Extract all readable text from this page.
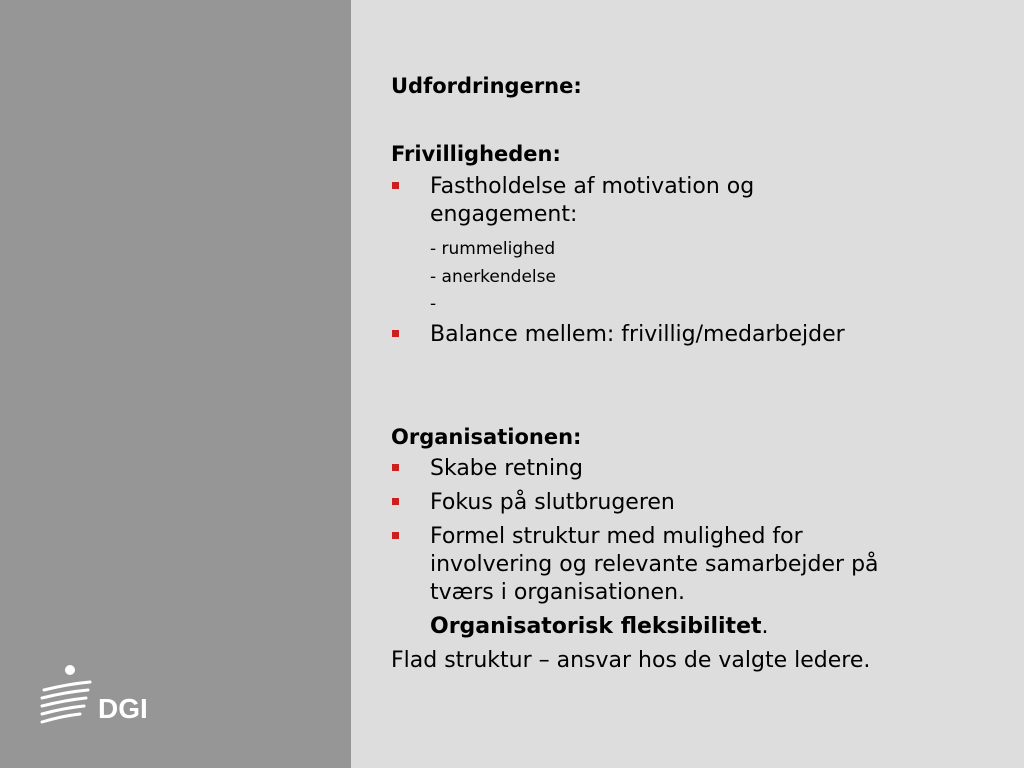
DGI
Udfordringerne:
Frivilligheden:
Fastholdelse af motivation og
engagement:
- rummelighed
- anerkendelse
-
Balance mellem: frivillig/medarbejder
Organisationen:
Skabe retning
Fokus på slutbrugeren
Formel struktur med mulighed for
involvering og relevante samarbejder på
tværs i organisationen.
Organisatorisk fleksibilitet.
Flad struktur – ansvar hos de valgte ledere.
